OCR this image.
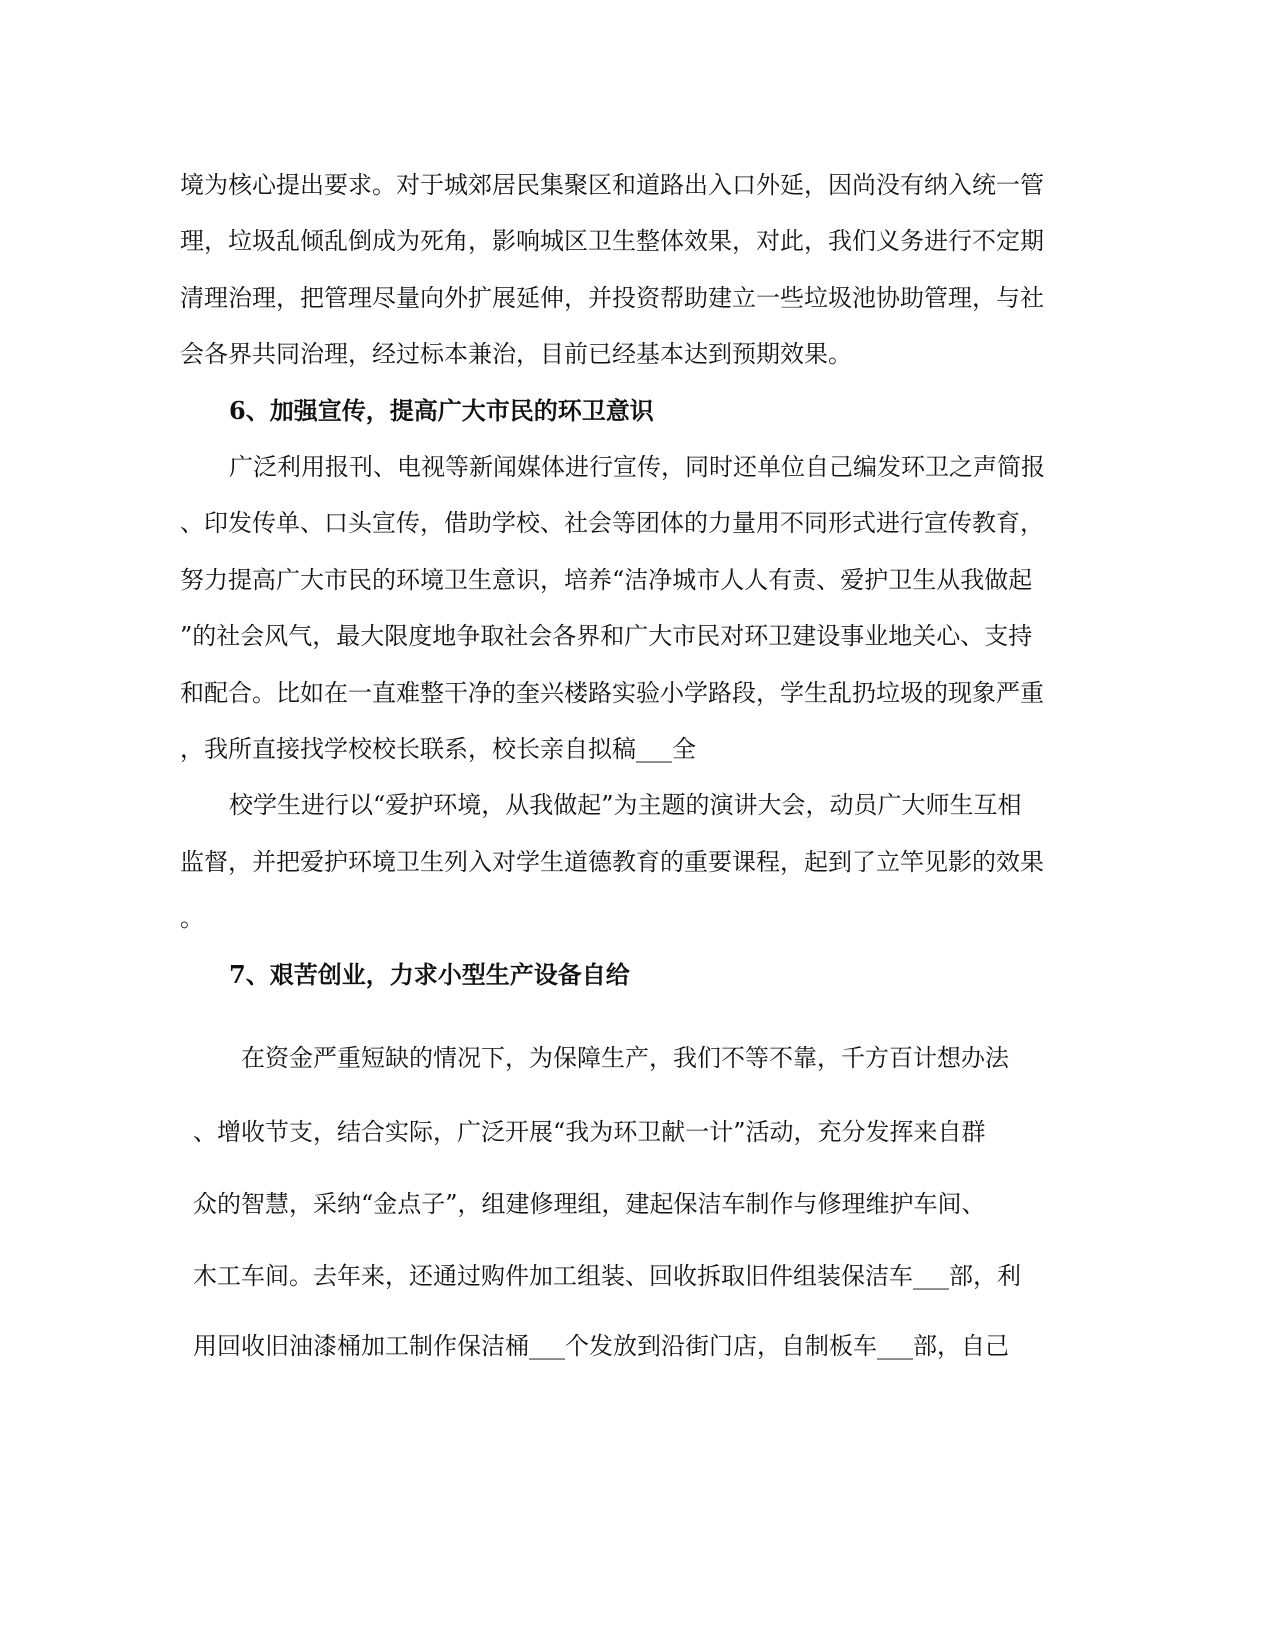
境为核心提出要求。对于城郊居民集聚区和道路出入口外延，因尚没有纳入统一管
理，垃圾乱倾乱倒成为死角，影响城区卫生整体效果，对此，我们义务进行不定期
清理治理，把管理尽量向外扩展延伸，并投资帮助建立一些垃圾池协助管理，与社
会各界共同治理，经过标本兼治，目前已经基本达到预期效果。
6、加强宣传，提高广大市民的环卫意识
广泛利用报刊、电视等新闻媒体进行宣传，同时还单位自己编发环卫之声简报
、印发传单、口头宣传，借助学校、社会等团体的力量用不同形式进行宣传教育，
努力提高广大市民的环境卫生意识，培养“洁净城市人人有责、爱护卫生从我做起
”的社会风气，最大限度地争取社会各界和广大市民对环卫建设事业地关心、支持
和配合。比如在一直难整干净的奎兴楼路实验小学路段，学生乱扔垃圾的现象严重
，我所直接找学校校长联系，校长亲自拟稿___全
校学生进行以“爱护环境，从我做起”为主题的演讲大会，动员广大师生互相
监督，并把爱护环境卫生列入对学生道德教育的重要课程，起到了立竿见影的效果
。
7、艰苦创业，力求小型生产设备自给
在资金严重短缺的情况下，为保障生产，我们不等不靠，千方百计想办法
、增收节支，结合实际，广泛开展“我为环卫献一计”活动，充分发挥来自群
众的智慧，采纳“金点子”，组建修理组，建起保洁车制作与修理维护车间、
木工车间。去年来，还通过购件加工组装、回收拆取旧件组装保洁车___部，利
用回收旧油漆桶加工制作保洁桶___个发放到沿街门店，自制板车___部，自己
